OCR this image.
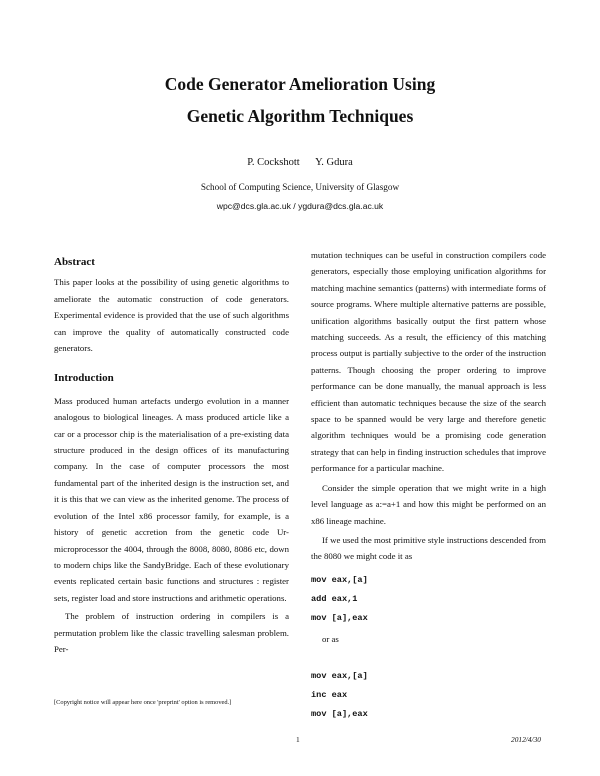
Code Generator Amelioration Using
Genetic Algorithm Techniques
P. Cockshott      Y. Gdura
School of Computing Science, University of Glasgow
wpc@dcs.gla.ac.uk / ygdura@dcs.gla.ac.uk
Abstract

This paper looks at the possibility of using genetic algorithms to ameliorate the automatic construction of code generators. Experimental evidence is provided that the use of such algorithms can improve the quality of automatically constructed code generators.

Introduction

Mass produced human artefacts undergo evolution in a manner analogous to biological lineages. A mass produced article like a car or a processor chip is the materialisation of a pre-existing data structure produced in the design offices of its manufacturing company. In the case of computer processors the most fundamental part of the inherited design is the instruction set, and it is this that we can view as the inherited genome. The process of evolution of the Intel x86 processor family, for example, is a history of genetic accretion from the genetic code Ur-microprocessor the 4004, through the 8008, 8080, 8086 etc, down to modern chips like the SandyBridge. Each of these evolutionary events replicated certain basic functions and structures : register sets, register load and store instructions and arithmetic operations.

The problem of instruction ordering in compilers is a permutation problem like the classic travelling salesman problem. Per-

[Copyright notice will appear here once 'preprint' option is removed.]

mutation techniques can be useful in construction compilers code generators, especially those employing unification algorithms for matching machine semantics (patterns) with intermediate forms of source programs. Where multiple alternative patterns are possible, unification algorithms basically output the first pattern whose matching succeeds. As a result, the efficiency of this matching process output is partially subjective to the order of the instruction patterns. Though choosing the proper ordering to improve performance can be done manually, the manual approach is less efficient than automatic techniques because the size of the search space to be spanned would be very large and therefore genetic algorithm techniques would be a promising code generation strategy that can help in finding instruction schedules that improve performance for a particular machine.

Consider the simple operation that we might write in a high level language as a:=a+1 and how this might be performed on an x86 lineage machine.

If we used the most primitive style instructions descended from the 8080 we might code it as

mov eax,[a]
add eax,1
mov [a],eax
or as
mov eax,[a]
inc eax
mov [a],eax
1	2012/4/30
